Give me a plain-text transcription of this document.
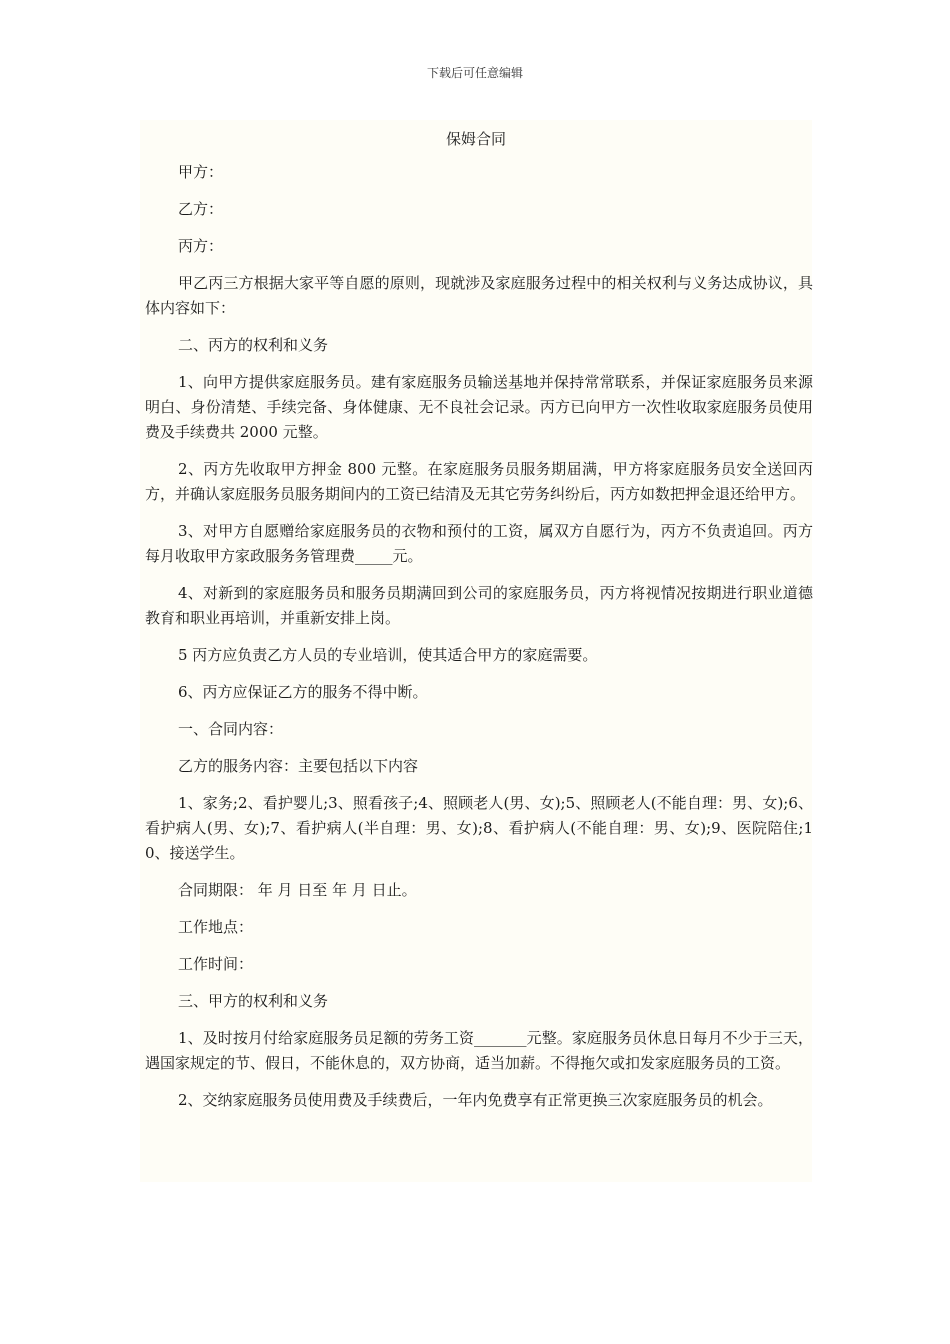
下载后可任意编辑
保姆合同

甲方：

乙方：

丙方：

甲乙丙三方根据大家平等自愿的原则，现就涉及家庭服务过程中的相关权利与义务达成协议，具体内容如下：

二、丙方的权利和义务

1、向甲方提供家庭服务员。建有家庭服务员输送基地并保持常常联系，并保证家庭服务员来源明白、身份清楚、手续完备、身体健康、无不良社会记录。丙方已向甲方一次性收取家庭服务员使用费及手续费共 2000 元整。

2、丙方先收取甲方押金 800 元整。在家庭服务员服务期届满，甲方将家庭服务员安全送回丙方，并确认家庭服务员服务期间内的工资已结清及无其它劳务纠纷后，丙方如数把押金退还给甲方。

3、对甲方自愿赠给家庭服务员的衣物和预付的工资，属双方自愿行为，丙方不负责追回。丙方每月收取甲方家政服务务管理费_____元。

4、对新到的家庭服务员和服务员期满回到公司的家庭服务员，丙方将视情况按期进行职业道德教育和职业再培训，并重新安排上岗。

5 丙方应负责乙方人员的专业培训，使其适合甲方的家庭需要。

6、丙方应保证乙方的服务不得中断。

一、合同内容：

乙方的服务内容：主要包括以下内容

1、家务;2、看护婴儿;3、照看孩子;4、照顾老人(男、女);5、照顾老人(不能自理：男、女);6、看护病人(男、女);7、看护病人(半自理：男、女);8、看护病人(不能自理：男、女);9、医院陪住;10、接送学生。

合同期限： 年 月 日至 年 月 日止。

工作地点：

工作时间：

三、甲方的权利和义务

1、及时按月付给家庭服务员足额的劳务工资_______元整。家庭服务员休息日每月不少于三天，遇国家规定的节、假日，不能休息的，双方协商，适当加薪。不得拖欠或扣发家庭服务员的工资。

2、交纳家庭服务员使用费及手续费后，一年内免费享有正常更换三次家庭服务员的机会。
